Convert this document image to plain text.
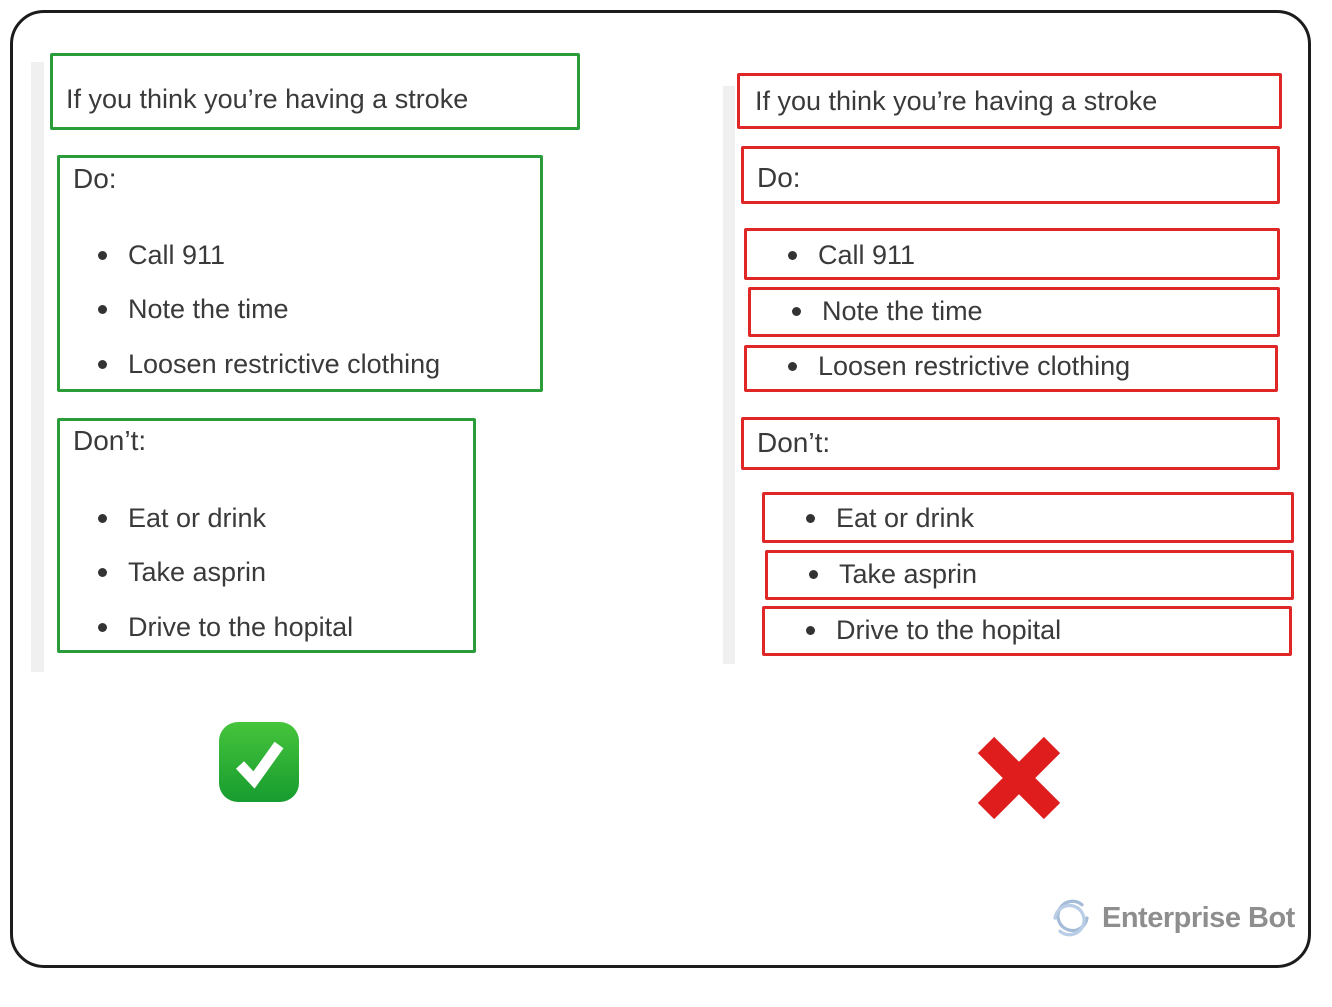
If you think you’re having a stroke
Do:
Call 911
Note the time
Loosen restrictive clothing
Don’t:
Eat or drink
Take asprin
Drive to the hopital
If you think you’re having a stroke
Do:
Call 911
Note the time
Loosen restrictive clothing
Don’t:
Eat or drink
Take asprin
Drive to the hopital
Enterprise Bot
